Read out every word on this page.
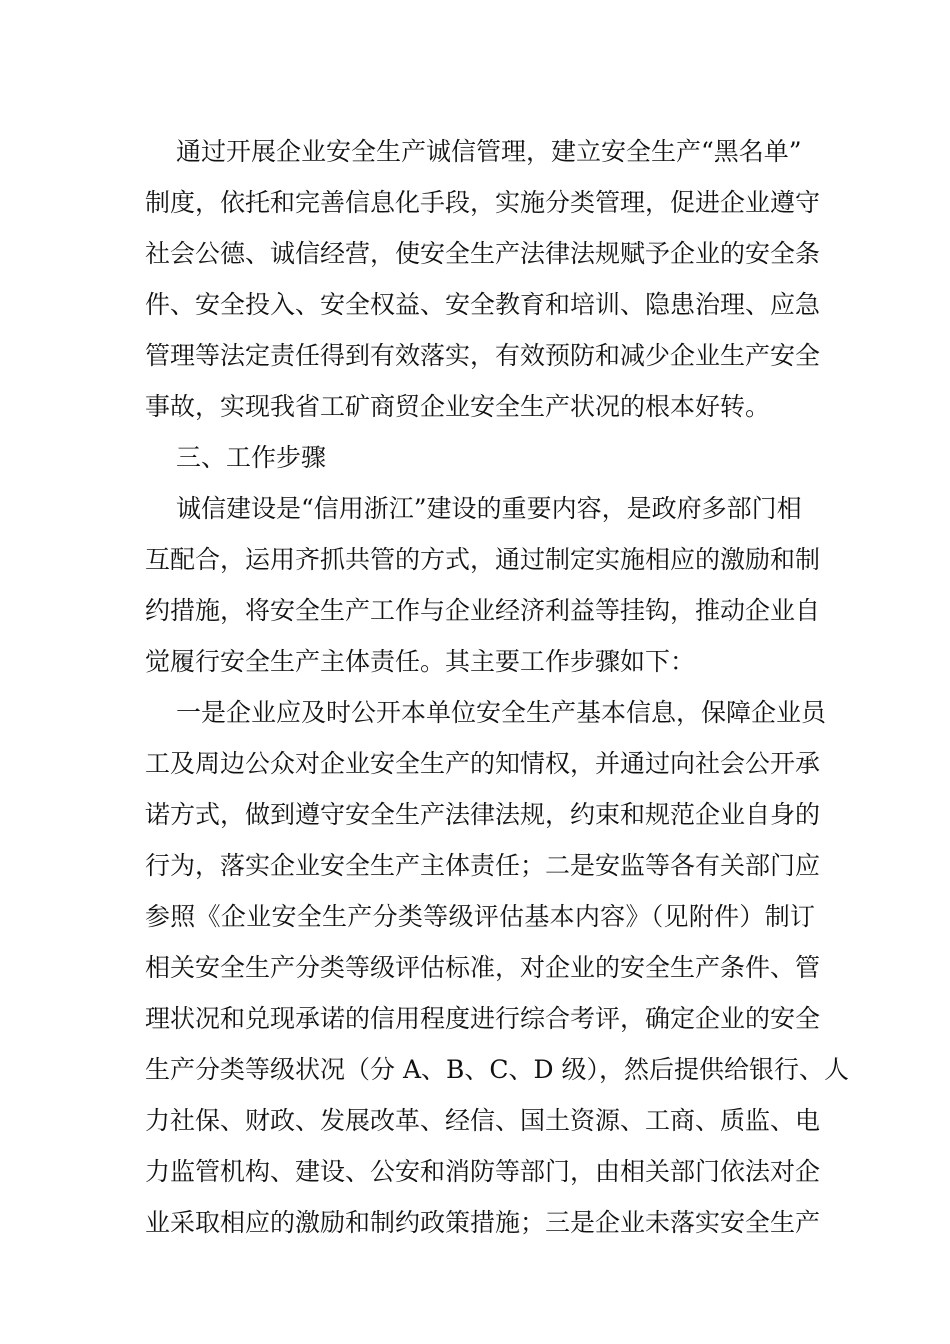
通过开展企业安全生产诚信管理，建立安全生产“黑名单”
制度，依托和完善信息化手段，实施分类管理，促进企业遵守
社会公德、诚信经营，使安全生产法律法规赋予企业的安全条
件、安全投入、安全权益、安全教育和培训、隐患治理、应急
管理等法定责任得到有效落实，有效预防和减少企业生产安全
事故，实现我省工矿商贸企业安全生产状况的根本好转。
三、工作步骤
诚信建设是“信用浙江”建设的重要内容，是政府多部门相
互配合，运用齐抓共管的方式，通过制定实施相应的激励和制
约措施，将安全生产工作与企业经济利益等挂钩，推动企业自
觉履行安全生产主体责任。其主要工作步骤如下：
一是企业应及时公开本单位安全生产基本信息，保障企业员
工及周边公众对企业安全生产的知情权，并通过向社会公开承
诺方式，做到遵守安全生产法律法规，约束和规范企业自身的
行为，落实企业安全生产主体责任；二是安监等各有关部门应
参照《企业安全生产分类等级评估基本内容》（见附件）制订
相关安全生产分类等级评估标准，对企业的安全生产条件、管
理状况和兑现承诺的信用程度进行综合考评，确定企业的安全
生产分类等级状况（分 A、B、C、D 级），然后提供给银行、人
力社保、财政、发展改革、经信、国土资源、工商、质监、电
力监管机构、建设、公安和消防等部门，由相关部门依法对企
业采取相应的激励和制约政策措施；三是企业未落实安全生产
